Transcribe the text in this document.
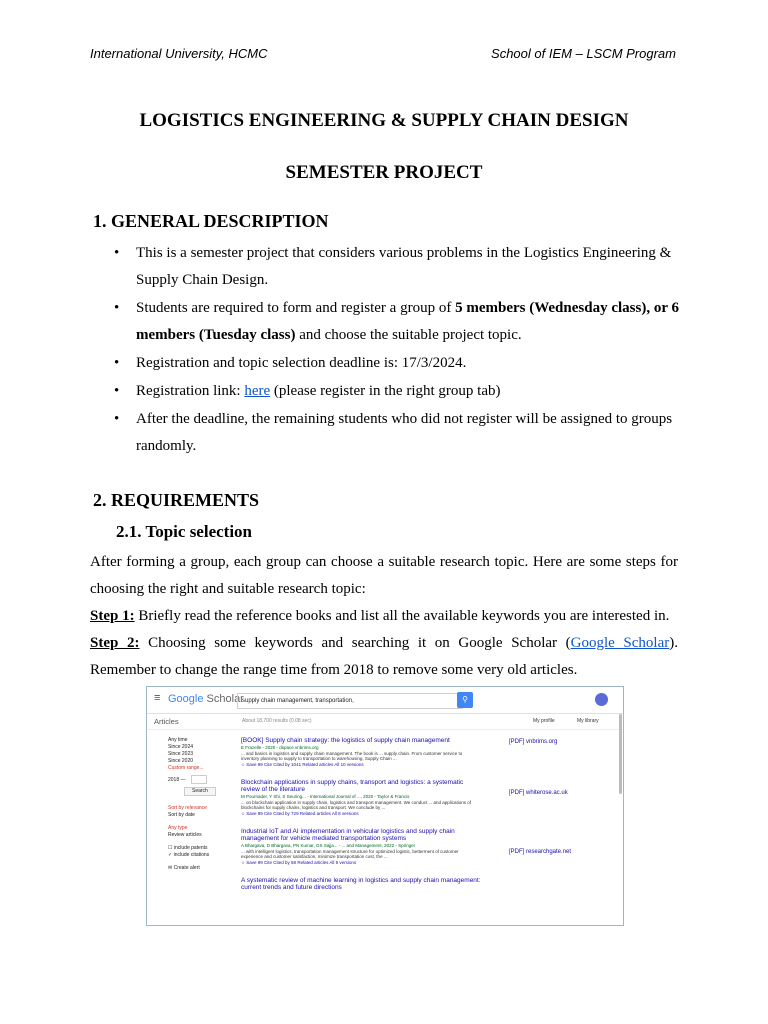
International University, HCMC	School of IEM – LSCM Program
LOGISTICS ENGINEERING & SUPPLY CHAIN DESIGN
SEMESTER PROJECT
1. GENERAL DESCRIPTION
• This is a semester project that considers various problems in the Logistics Engineering & Supply Chain Design.
• Students are required to form and register a group of 5 members (Wednesday class), or 6 members (Tuesday class) and choose the suitable project topic.
• Registration and topic selection deadline is: 17/3/2024.
• Registration link: here (please register in the right group tab)
• After the deadline, the remaining students who did not register will be assigned to groups randomly.
2. REQUIREMENTS
2.1. Topic selection
After forming a group, each group can choose a suitable research topic. Here are some steps for choosing the right and suitable research topic:
Step 1: Briefly read the reference books and list all the available keywords you are interested in.
Step 2: Choosing some keywords and searching it on Google Scholar (Google Scholar). Remember to change the range time from 2018 to remove some very old articles.
≡ Google Scholar
supply chain management, transportation,	⚲
Articles	About 18,700 results (0.08 sec)	My profile	My library
Any time
Since 2024
Since 2023
Since 2020
Custom range...
2018 —
Search
Sort by relevance
Sort by date
Any type
Review articles
☐ include patents
✓ include citations
✉ Create alert
[BOOK] Supply chain strategy: the logistics of supply chain management
E Frazelle - 2020 - dspace.vnbrims.org
... and basics in logistics and supply chain management. The book is ... supply chain. From customer service to inventory planning to supply to transportation to warehousing, Supply Chain ...
☆ Save 99 Cite Cited by 1041 Related articles All 10 versions
Blockchain applications in supply chains, transport and logistics: a systematic review of the literature
M Pournader, Y Shi, S Seuring... - International Journal of ..., 2020 - Taylor & Francis
... on blockchain application in supply chain, logistics and transport management. We conduct ... and applications of blockchains for supply chains, logistics and transport. We conclude by ...
☆ Save 99 Cite Cited by 729 Related articles All 8 versions
Industrial IoT and AI implementation in vehicular logistics and supply chain management for vehicle mediated transportation systems
A Bhargava, D Bhargava, PN Kumar, GS Sajja... - ... and Management, 2022 - Springer
... with intelligent logistics, transportation management structure for optimized logistic, betterment of customer experience and customer satisfaction, minimize transportation cost, the ...
☆ Save 99 Cite Cited by 58 Related articles All 5 versions
A systematic review of machine learning in logistics and supply chain management: current trends and future directions
[PDF] vnbrims.org
[PDF] whiterose.ac.uk
[PDF] researchgate.net
